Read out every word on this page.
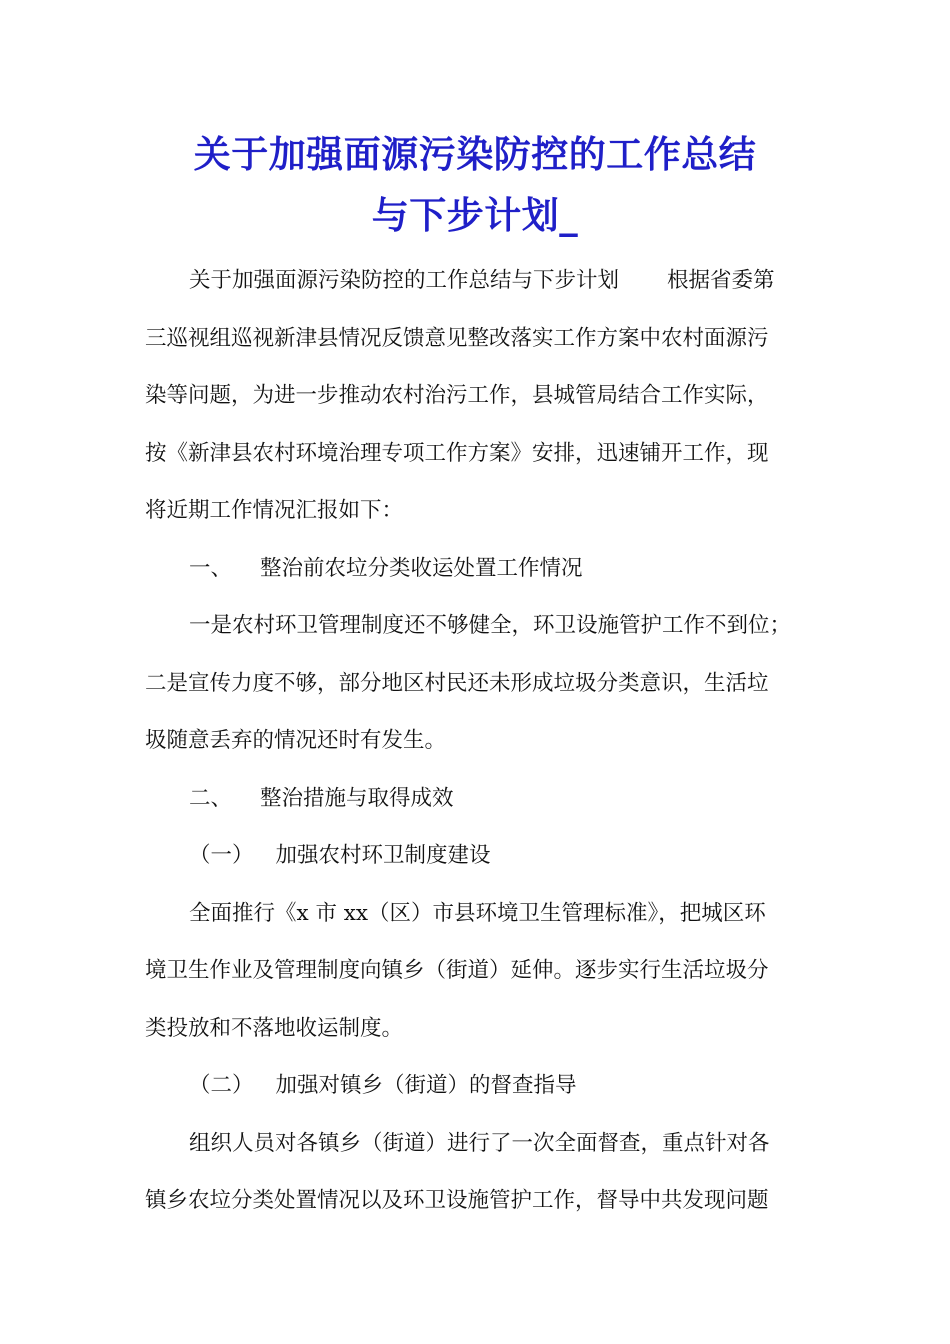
关于加强面源污染防控的工作总结
与下步计划_
关于加强面源污染防控的工作总结与下步计划 根据省委第
三巡视组巡视新津县情况反馈意见整改落实工作方案中农村面源污
染等问题，为进一步推动农村治污工作，县城管局结合工作实际，
按《新津县农村环境治理专项工作方案》安排，迅速铺开工作，现
将近期工作情况汇报如下：
一、 整治前农垃分类收运处置工作情况
一是农村环卫管理制度还不够健全，环卫设施管护工作不到位；
二是宣传力度不够，部分地区村民还未形成垃圾分类意识，生活垃
圾随意丢弃的情况还时有发生。
二、 整治措施与取得成效
（一） 加强农村环卫制度建设
全面推行《x 市 xx（区）市县环境卫生管理标准》，把城区环
境卫生作业及管理制度向镇乡（街道）延伸。逐步实行生活垃圾分
类投放和不落地收运制度。
（二） 加强对镇乡（街道）的督查指导
组织人员对各镇乡（街道）进行了一次全面督查，重点针对各
镇乡农垃分类处置情况以及环卫设施管护工作，督导中共发现问题
